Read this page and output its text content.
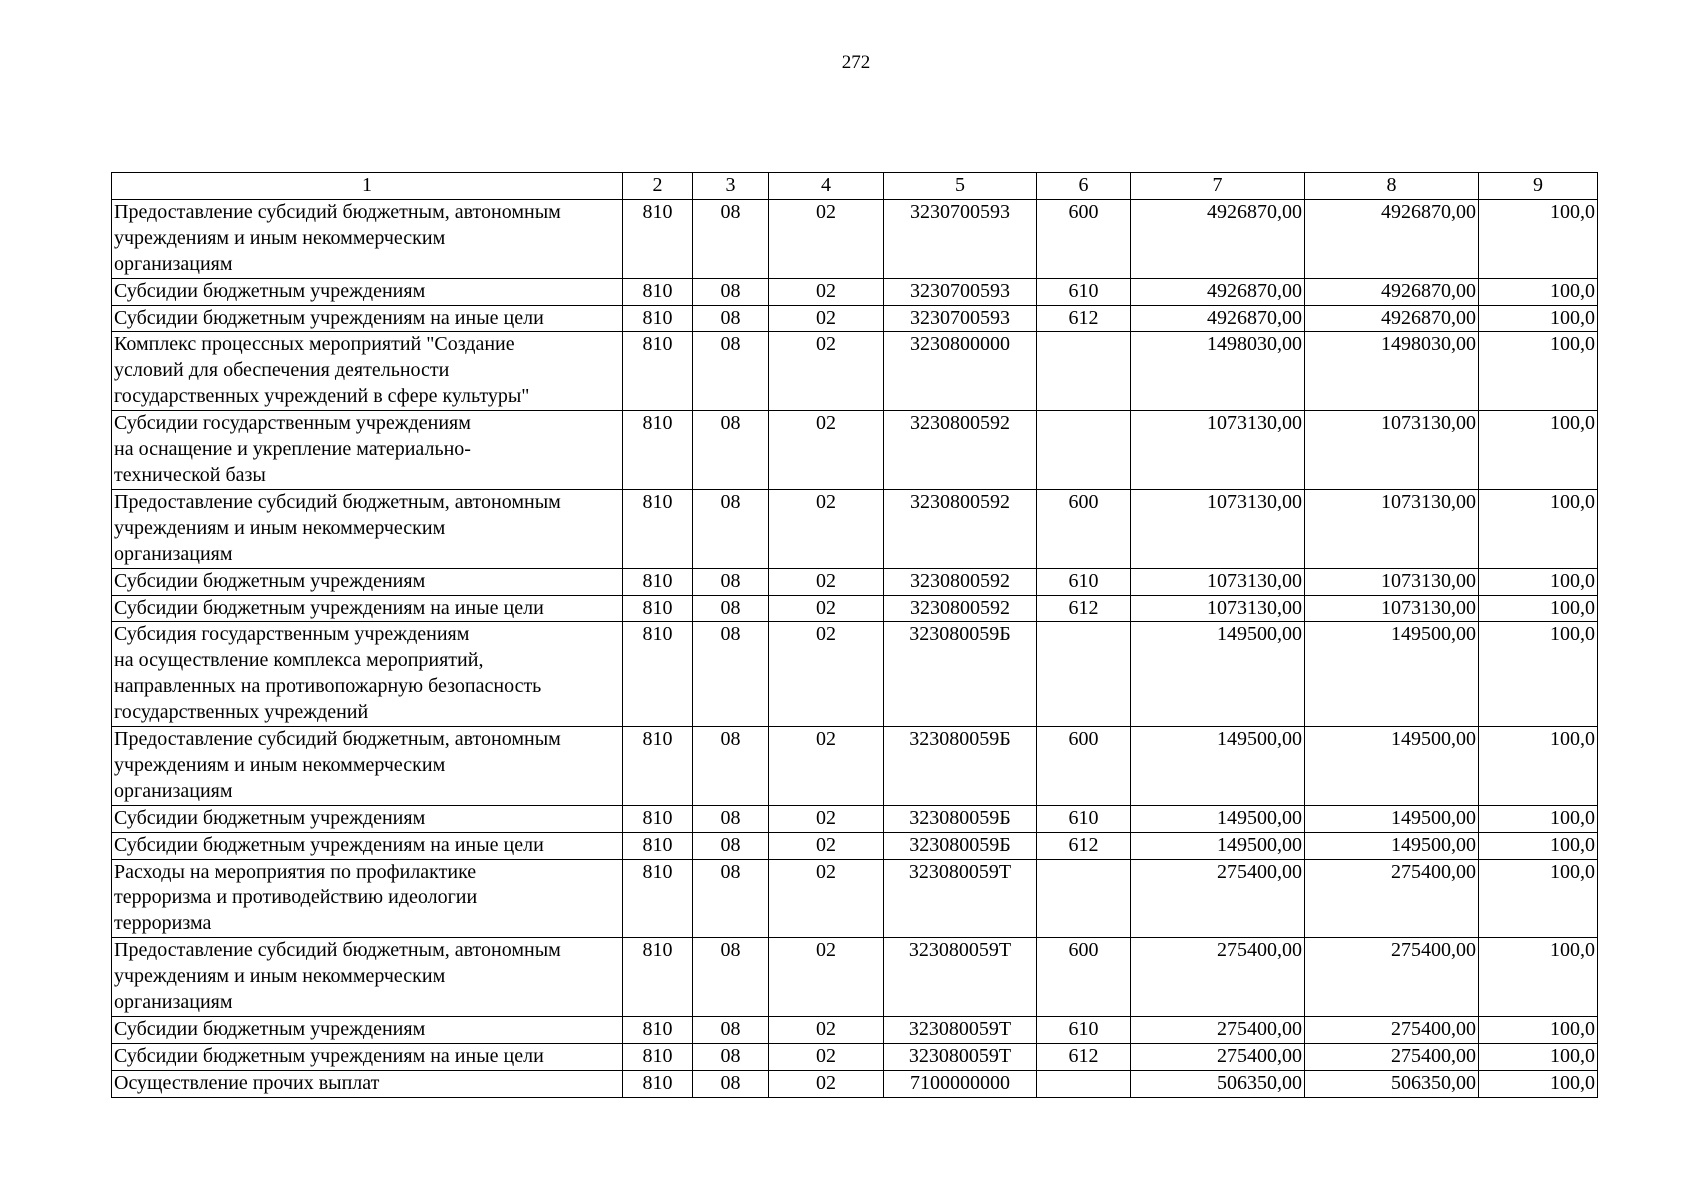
272
1	2	3	4	5	6	7	8	9

Предоставление субсидий бюджетным, автономным
учреждениям и иным некоммерческим
организациям	810	08	02	3230700593	600	4926870,00	4926870,00	100,0

Субсидии бюджетным учреждениям	810	08	02	3230700593	610	4926870,00	4926870,00	100,0

Субсидии бюджетным учреждениям на иные цели	810	08	02	3230700593	612	4926870,00	4926870,00	100,0

Комплекс процессных мероприятий "Создание
условий для обеспечения деятельности
государственных учреждений в сфере культуры"	810	08	02	3230800000		1498030,00	1498030,00	100,0

Субсидии государственным учреждениям
на оснащение и укрепление материально-
технической базы	810	08	02	3230800592		1073130,00	1073130,00	100,0

Предоставление субсидий бюджетным, автономным
учреждениям и иным некоммерческим
организациям	810	08	02	3230800592	600	1073130,00	1073130,00	100,0

Субсидии бюджетным учреждениям	810	08	02	3230800592	610	1073130,00	1073130,00	100,0

Субсидии бюджетным учреждениям на иные цели	810	08	02	3230800592	612	1073130,00	1073130,00	100,0

Субсидия государственным учреждениям
на осуществление комплекса мероприятий,
направленных на противопожарную безопасность
государственных учреждений	810	08	02	323080059Б		149500,00	149500,00	100,0

Предоставление субсидий бюджетным, автономным
учреждениям и иным некоммерческим
организациям	810	08	02	323080059Б	600	149500,00	149500,00	100,0

Субсидии бюджетным учреждениям	810	08	02	323080059Б	610	149500,00	149500,00	100,0

Субсидии бюджетным учреждениям на иные цели	810	08	02	323080059Б	612	149500,00	149500,00	100,0

Расходы на мероприятия по профилактике
терроризма и противодействию идеологии
терроризма	810	08	02	323080059Т		275400,00	275400,00	100,0

Предоставление субсидий бюджетным, автономным
учреждениям и иным некоммерческим
организациям	810	08	02	323080059Т	600	275400,00	275400,00	100,0

Субсидии бюджетным учреждениям	810	08	02	323080059Т	610	275400,00	275400,00	100,0

Субсидии бюджетным учреждениям на иные цели	810	08	02	323080059Т	612	275400,00	275400,00	100,0

Осуществление прочих выплат	810	08	02	7100000000		506350,00	506350,00	100,0
